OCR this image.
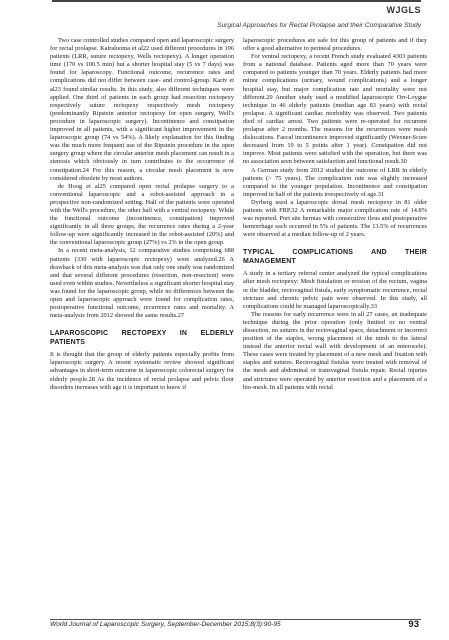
WJGLS
Surgical Approaches for Rectal Prolapse and their Comparative Study

Two case controlled studies compared open and laparoscopic surgery for rectal prolapse. Kairaluoma et al22 used different procedures in 106 patients (LRR, suture rectopexy, Wells rectopexy). A longer operation time (170 vs 100.5 min) but a shorter hospital stay (5 vs 7 days) was found for laparoscopy. Functional outcome, recurrence rates and complications did not differ between case- and control-group. Kariv et al23 found similar results. In this study, also different techniques were applied. One third of patients in each group had resection rectopexy respectively suture rectopexy respectively mesh rectopexy (predominantly Ripstein anterior rectopexy for open surgery, Well's procedure in laparoscopic surgery). Incontinence and constipation improved in all patients, with a significant higher improvement in the laparoscopic group (74 vs 54%). A likely explanation for this finding was the much more frequent use of the Ripstein procedure in the open surgery group where the circular anterior mesh placement can result in a stenosis which obviously in turn contributes to the occurrence of constipation.24 For this reason, a circular mesh placement is now considered obsolete by most authors.

de Hoog et al25 compared open rectal prolapse surgery to a conventional laparoscopic and a robot-assisted approach in a prospective non-randomized setting. Half of the patients were operated with the Well's procedure, the other half with a ventral rectopexy. While the functional outcome (incontinence, constipation) improved significantly in all three groups, the recurrence rates during a 2-year follow-up were significantly increased in the robot-assisted (20%) and the conventional laparoscopic group (27%) vs 2% in the open group.

In a recent meta-analysis, 12 comparative studies comprising 688 patients (330 with laparoscopic rectopexy) were analyzed.26 A drawback of this meta-analysis was that only one study was randomized and that several different procedures (resection, non-resection) were used even within studies. Nevertheless a significant shorter hospital stay was found for the laparoscopic group, while no differences between the open and laparoscopic approach were found for complication rates, postoperative functional outcome, recurrence rates and mortality. A meta-analysis from 2012 showed the same results.27

LAPAROSCOPIC RECTOPEXY IN ELDERLY PATIENTS

It is thought that the group of elderly patients especially profits from laparoscopic surgery. A recent systematic review showed significant advantages in short-term outcome in laparoscopic colorectal surgery for elderly people.28 As the incidence of rectal prolapse and pelvic floor disorders increases with age it is important to know if

laparoscopic procedures are safe for this group of patients and if they offer a good alternative to perineal procedures.

For ventral rectopexy, a recent French study evaluated 4303 patients from a national database. Patients aged more than 70 years were compared to patients younger than 70 years. Elderly patients had more minor complications (urinary, wound complications) and a longer hospital stay, but major complication rate and mortality were not different.29 Another study used a modified laparoscopic Orr-Loygue technique in 46 elderly patients (median age 83 years) with rectal prolapse. A significant cardiac morbidity was observed. Two patients died of cardiac arrest. Two patients were re-operated for recurrent prolapse after 2 months. The reasons for the recurrences were mesh dislocations. Faecal incontinence improved significantly (Wexner-Score decreased from 19 to 5 points after 1 year). Constipation did not improve. Most patients were satisfied with the operation, but there was no association seen between satisfaction and functional result.30

A German study from 2012 studied the outcome of LRR in elderly patients (> 75 years). The complication rate was slightly increased compared to the younger population. Incontinence and constipation improved in half of the patients irrespectively of age.31

Dyrberg used a laparoscopic dorsal mesh rectopexy in 81 older patients with FRP.32 A remarkable major complication rate of 14.8% was reported. Port site hernias with consecutive ileus and postoperative hemorrhage each occurred in 5% of patients. The 13.5% of recurrences were observed at a median follow-up of 2 years.

TYPICAL COMPLICATIONS AND THEIR MANAGEMENT

A study in a tertiary referral center analyzed the typical complications after mesh rectopexy: Mesh fistulation or erosion of the rectum, vagina or the bladder, rectovaginal fistula, early symptomatic recurrence, rectal stricture and chronic pelvic pain were observed. In this study, all complications could be managed laparoscopically.33

The reasons for early recurrence were in all 27 cases, an inadequate technique during the prior operation (only limited or no ventral dissection, no sutures in the rectovaginal space, detachment or incorrect position of the staples, wrong placement of the mesh to the lateral instead the anterior rectal wall with development of an enterocele). These cases were treated by placement of a new mesh and fixation with staples and sutures. Rectovaginal fistulas were treated with removal of the mesh and abdominal or transvaginal fistula repair. Rectal injuries and strictures were operated by anterior resection and a placement of a bio-mesh. In all patients with rectal

World Journal of Laparoscopic Surgery, September-December 2015;8(3):90-95	93
